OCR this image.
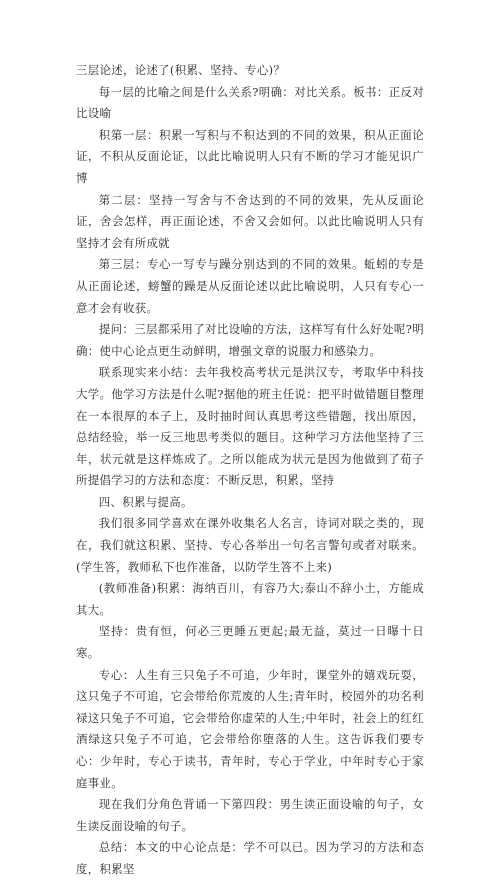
三层论述，论述了(积累、坚持、专心)？

每一层的比喻之间是什么关系?明确：对比关系。板书：正反对比设喻

积第一层：积累一写积与不积达到的不同的效果，积从正面论证，不积从反面论证，以此比喻说明人只有不断的学习才能见识广博

第二层：坚持一写舍与不舍达到的不同的效果，先从反面论证，舍会怎样，再正面论述，不舍又会如何。以此比喻说明人只有坚持才会有所成就

第三层：专心一写专与躁分别达到的不同的效果。蚯蚓的专是从正面论述，螃蟹的躁是从反面论述以此比喻说明，人只有专心一意才会有收获。

提问：三层都采用了对比设喻的方法，这样写有什么好处呢?明确：使中心论点更生动鲜明，增强文章的说服力和感染力。

联系现实来小结：去年我校高考状元是洪汉专，考取华中科技大学。他学习方法是什么呢?据他的班主任说：把平时做错题目整理在一本很厚的本子上，及时抽时间认真思考这些错题，找出原因，总结经验，举一反三地思考类似的题目。这种学习方法他坚持了三年，状元就是这样炼成了。之所以能成为状元是因为他做到了荀子所提倡学习的方法和态度：不断反思，积累，坚持

四、积累与提高。

我们很多同学喜欢在课外收集名人名言，诗词对联之类的，现在，我们就这积累、坚持、专心各举出一句名言警句或者对联来。(学生答，教师私下也作准备，以防学生答不上来)

(教师准备)积累：海纳百川，有容乃大;泰山不辞小土，方能成其大。

坚持：贵有恒，何必三更睡五更起;最无益，莫过一日曝十日寒。

专心：人生有三只兔子不可追，少年时，课堂外的嬉戏玩耍，这只兔子不可追，它会带给你荒废的人生;青年时，校园外的功名利禄这只兔子不可追，它会带给你虚荣的人生;中年时，社会上的红红酒绿这只兔子不可追，它会带给你堕落的人生。这告诉我们要专心：少年时，专心于读书，青年时，专心于学业，中年时专心于家庭事业。

现在我们分角色背诵一下第四段：男生读正面设喻的句子，女生读反面设喻的句子。

总结：本文的中心论点是：学不可以已。因为学习的方法和态度，积累坚
